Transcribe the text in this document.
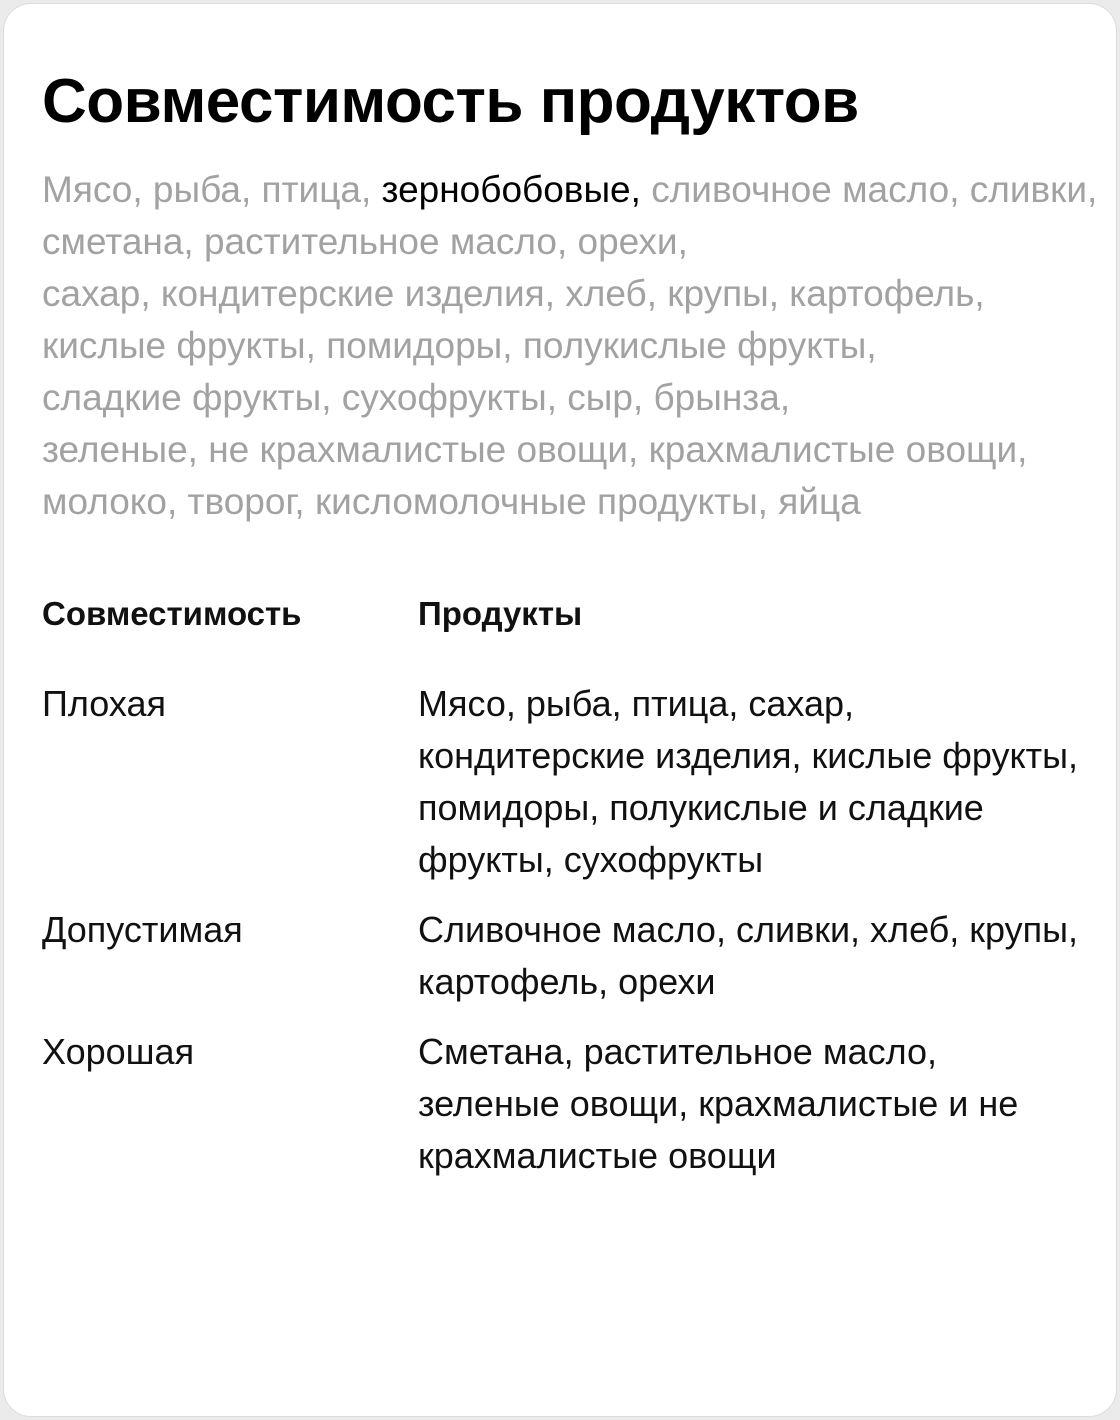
Совместимость продуктов
Мясо, рыба, птица, зернобобовые, сливочное масло, сливки, сметана, растительное масло, орехи, сахар, кондитерские изделия, хлеб, крупы, картофель, кислые фрукты, помидоры, полукислые фрукты, сладкие фрукты, сухофрукты, сыр, брынза, зеленые, не крахмалистые овощи, крахмалистые овощи, молоко, творог, кисломолочные продукты, яйца
Совместимость	Продукты
Плохая	Мясо, рыба, птица, сахар, кондитерские изделия, кислые фрукты, помидоры, полукислые и сладкие фрукты, сухофрукты
Допустимая	Сливочное масло, сливки, хлеб, крупы, картофель, орехи
Хорошая	Сметана, растительное масло, зеленые овощи, крахмалистые и не крахмалистые овощи
